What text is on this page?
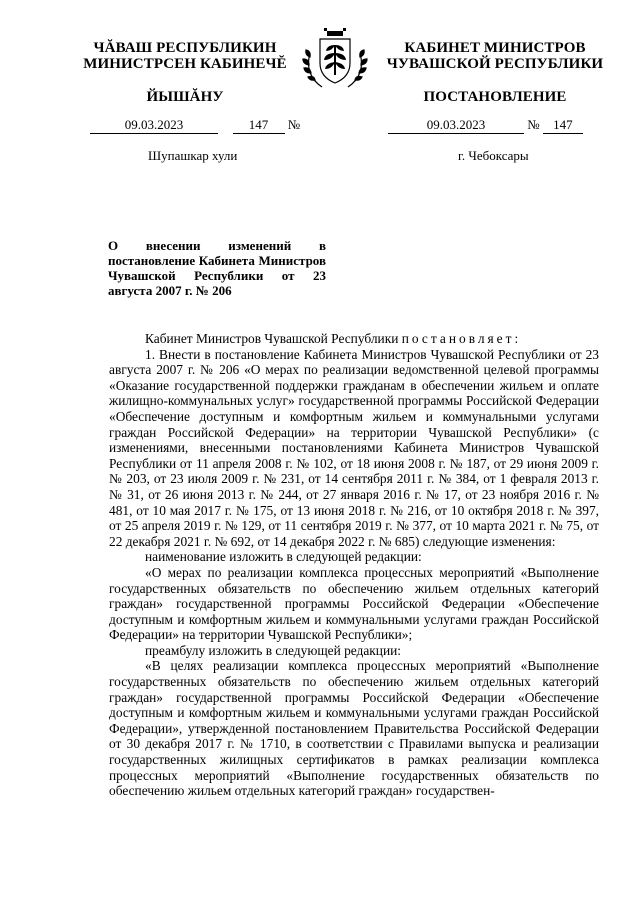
ЧĂВАШ РЕСПУБЛИКИН
МИНИСТРСЕН КАБИНЕЧĔ
ЙЫШĂНУ
КАБИНЕТ МИНИСТРОВ
ЧУВАШСКОЙ РЕСПУБЛИКИ
ПОСТАНОВЛЕНИЕ
09.03.2023	147 №	09.03.2023	№ 147
Шупашкар хули	г. Чебоксары
О внесении изменений в постановление Кабинета Министров Чувашской Республики от 23 августа 2007 г. № 206

Кабинет Министров Чувашской Республики постановляет:

1. Внести в постановление Кабинета Министров Чувашской Республики от 23 августа 2007 г. № 206 «О мерах по реализации ведомственной целевой программы «Оказание государственной поддержки гражданам в обеспечении жильем и оплате жилищно-коммунальных услуг» государственной программы Российской Федерации «Обеспечение доступным и комфортным жильем и коммунальными услугами граждан Российской Федерации» на территории Чувашской Республики» (с изменениями, внесенными постановлениями Кабинета Министров Чувашской Республики от 11 апреля 2008 г. № 102, от 18 июня 2008 г. № 187, от 29 июня 2009 г. № 203, от 23 июля 2009 г. № 231, от 14 сентября 2011 г. № 384, от 1 февраля 2013 г. № 31, от 26 июня 2013 г. № 244, от 27 января 2016 г. № 17, от 23 ноября 2016 г. № 481, от 10 мая 2017 г. № 175, от 13 июня 2018 г. № 216, от 10 октября 2018 г. № 397, от 25 апреля 2019 г. № 129, от 11 сентября 2019 г. № 377, от 10 марта 2021 г. № 75, от 22 декабря 2021 г. № 692, от 14 декабря 2022 г. № 685) следующие изменения:

наименование изложить в следующей редакции:

«О мерах по реализации комплекса процессных мероприятий «Выполнение государственных обязательств по обеспечению жильем отдельных категорий граждан» государственной программы Российской Федерации «Обеспечение доступным и комфортным жильем и коммунальными услугами граждан Российской Федерации» на территории Чувашской Республики»;

преамбулу изложить в следующей редакции:

«В целях реализации комплекса процессных мероприятий «Выполнение государственных обязательств по обеспечению жильем отдельных категорий граждан» государственной программы Российской Федерации «Обеспечение доступным и комфортным жильем и коммунальными услугами граждан Российской Федерации», утвержденной постановлением Правительства Российской Федерации от 30 декабря 2017 г. № 1710, в соответствии с Правилами выпуска и реализации государственных жилищных сертификатов в рамках реализации комплекса процессных мероприятий «Выполнение государственных обязательств по обеспечению жильем отдельных категорий граждан» государствен-
